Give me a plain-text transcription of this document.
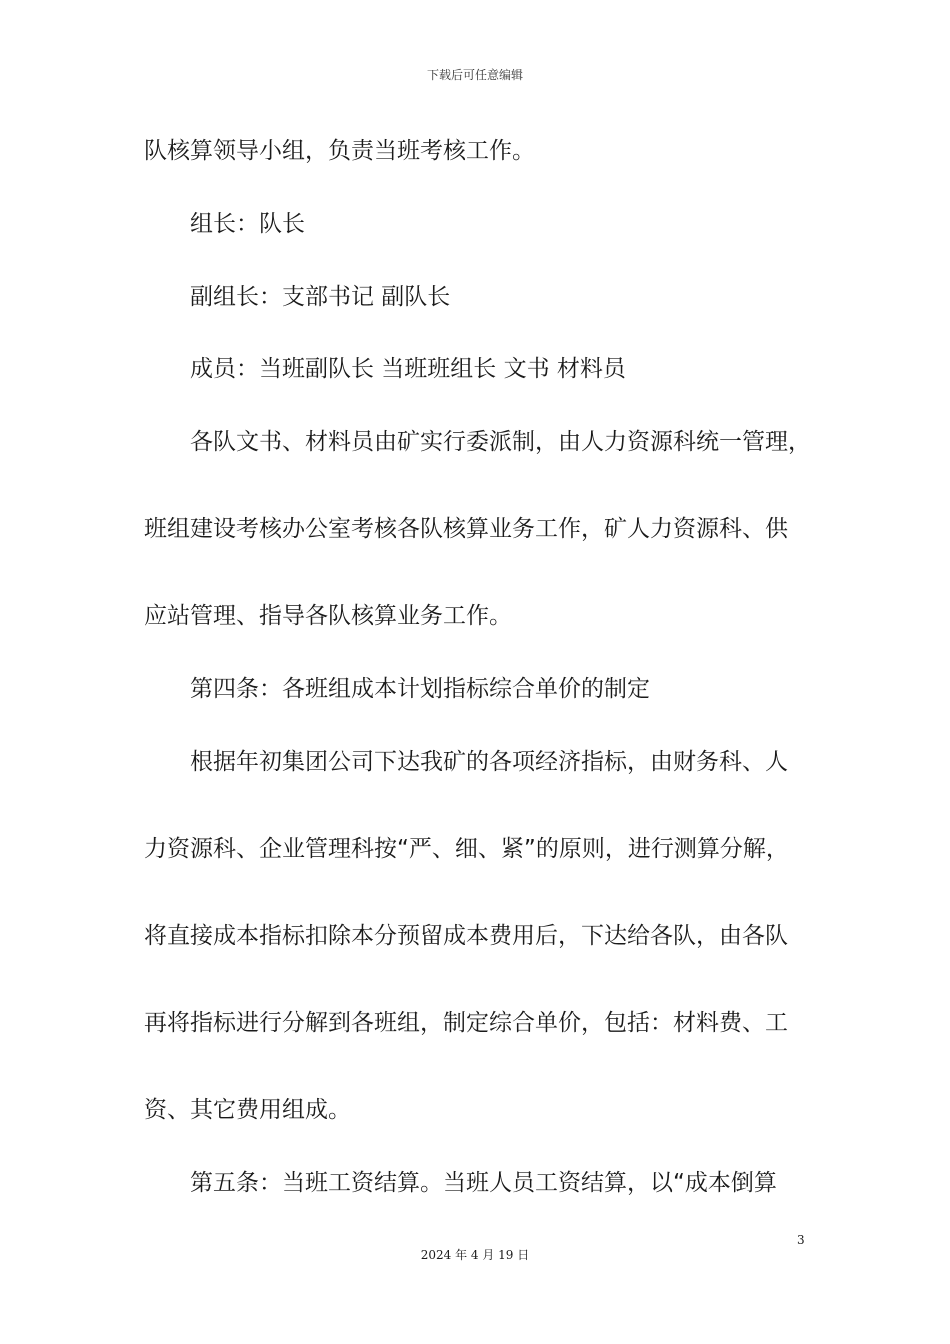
下载后可任意编辑
队核算领导小组，负责当班考核工作。
组长：队长
副组长：支部书记 副队长
成员：当班副队长 当班班组长 文书 材料员
各队文书、材料员由矿实行委派制，由人力资源科统一管理，
班组建设考核办公室考核各队核算业务工作，矿人力资源科、供
应站管理、指导各队核算业务工作。
第四条：各班组成本计划指标综合单价的制定
根据年初集团公司下达我矿的各项经济指标，由财务科、人
力资源科、企业管理科按“严、细、紧”的原则，进行测算分解，
将直接成本指标扣除本分预留成本费用后，下达给各队，由各队
再将指标进行分解到各班组，制定综合单价，包括：材料费、工
资、其它费用组成。
第五条：当班工资结算。当班人员工资结算，以“成本倒算
3
2024 年 4 月 19 日
